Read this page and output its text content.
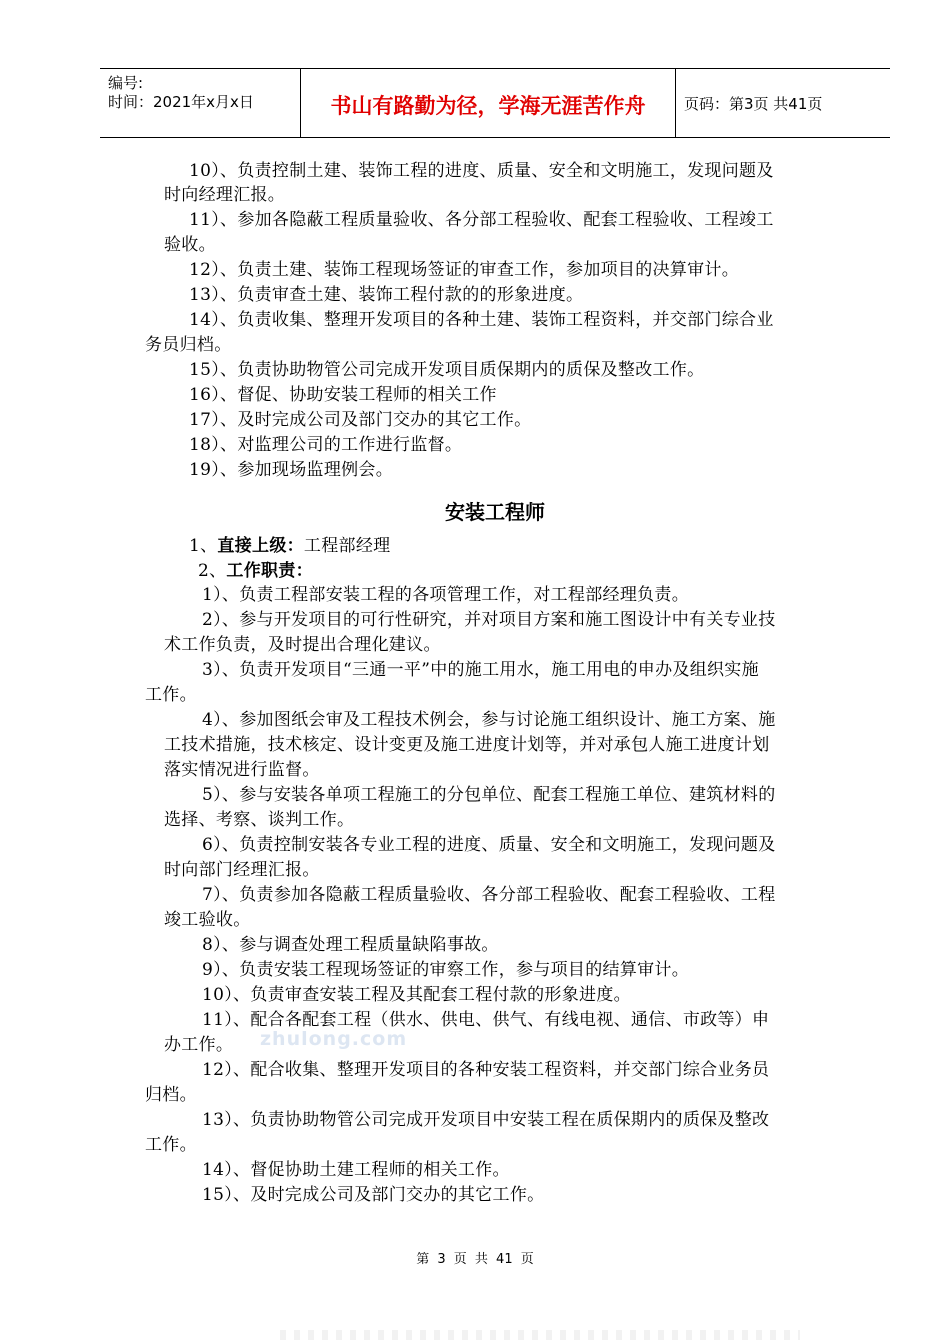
编号:
时间：2021年x月x日	书山有路勤为径，学海无涯苦作舟	页码：第3页 共41页
10）、负责控制土建、装饰工程的进度、质量、安全和文明施工，发现问题及
时向经理汇报。
11）、参加各隐蔽工程质量验收、各分部工程验收、配套工程验收、工程竣工
验收。
12）、负责土建、装饰工程现场签证的审查工作，参加项目的决算审计。
13）、负责审查土建、装饰工程付款的的形象进度。
14）、负责收集、整理开发项目的各种土建、装饰工程资料，并交部门综合业
务员归档。
15）、负责协助物管公司完成开发项目质保期内的质保及整改工作。
16）、督促、协助安装工程师的相关工作
17）、及时完成公司及部门交办的其它工作。
18）、对监理公司的工作进行监督。
19）、参加现场监理例会。
安装工程师
1、直接上级：工程部经理
2、工作职责：
1）、负责工程部安装工程的各项管理工作，对工程部经理负责。
2）、参与开发项目的可行性研究，并对项目方案和施工图设计中有关专业技
术工作负责，及时提出合理化建议。
3）、负责开发项目“三通一平”中的施工用水，施工用电的申办及组织实施
工作。
4）、参加图纸会审及工程技术例会，参与讨论施工组织设计、施工方案、施
工技术措施，技术核定、设计变更及施工进度计划等，并对承包人施工进度计划
落实情况进行监督。
5）、参与安装各单项工程施工的分包单位、配套工程施工单位、建筑材料的
选择、考察、谈判工作。
6）、负责控制安装各专业工程的进度、质量、安全和文明施工，发现问题及
时向部门经理汇报。
7）、负责参加各隐蔽工程质量验收、各分部工程验收、配套工程验收、工程
竣工验收。
8）、参与调查处理工程质量缺陷事故。
9）、负责安装工程现场签证的审察工作，参与项目的结算审计。
10）、负责审查安装工程及其配套工程付款的形象进度。
11）、配合各配套工程（供水、供电、供气、有线电视、通信、市政等）申
办工作。
12）、配合收集、整理开发项目的各种安装工程资料，并交部门综合业务员
归档。
13）、负责协助物管公司完成开发项目中安装工程在质保期内的质保及整改
工作。
14）、督促协助土建工程师的相关工作。
15）、及时完成公司及部门交办的其它工作。
zhulong.com
第 3 页 共 41 页
